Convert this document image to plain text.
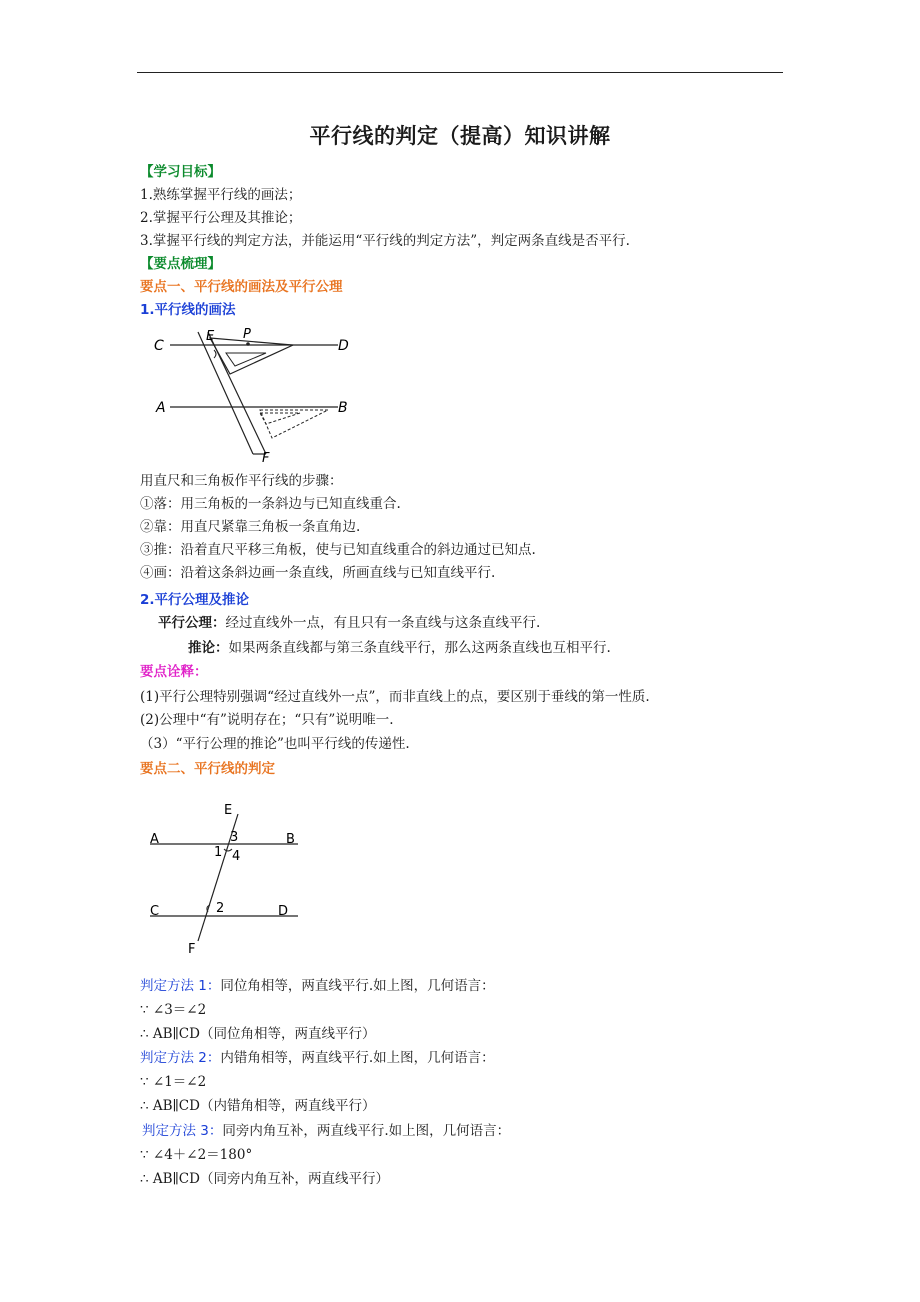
平行线的判定（提高）知识讲解
【学习目标】
1.熟练掌握平行线的画法；
2.掌握平行公理及其推论；
3.掌握平行线的判定方法，并能运用“平行线的判定方法”，判定两条直线是否平行.
【要点梳理】
要点一、平行线的画法及平行公理
1.平行线的画法
C	D
A	B
E P
F
用直尺和三角板作平行线的步骤：
①落：用三角板的一条斜边与已知直线重合.
②靠：用直尺紧靠三角板一条直角边.
③推：沿着直尺平移三角板，使与已知直线重合的斜边通过已知点.
④画：沿着这条斜边画一条直线，所画直线与已知直线平行.
2.平行公理及推论
平行公理：经过直线外一点，有且只有一条直线与这条直线平行.
推论：如果两条直线都与第三条直线平行，那么这两条直线也互相平行.
要点诠释：
(1)平行公理特别强调“经过直线外一点”，而非直线上的点，要区别于垂线的第一性质.
(2)公理中“有”说明存在；“只有”说明唯一.
（3）“平行公理的推论”也叫平行线的传递性.
要点二、平行线的判定
E
A	B
C	D
F
3
1 4
2
判定方法 1：同位角相等，两直线平行.如上图，几何语言：
∵ ∠3＝∠2
∴ AB∥CD（同位角相等，两直线平行）
判定方法 2：内错角相等，两直线平行.如上图，几何语言：
∵ ∠1＝∠2
∴ AB∥CD（内错角相等，两直线平行）
判定方法 3：同旁内角互补，两直线平行.如上图，几何语言：
∵ ∠4＋∠2＝180°
∴ AB∥CD（同旁内角互补，两直线平行）
